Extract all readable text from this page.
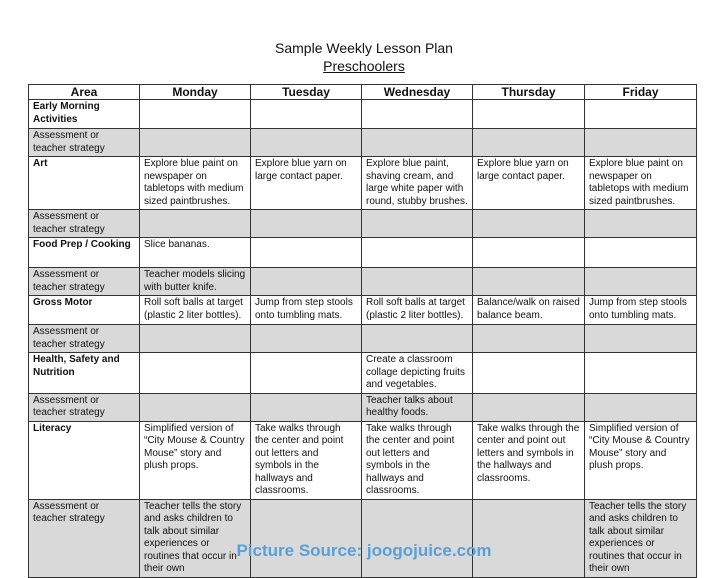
Sample Weekly Lesson Plan
Preschoolers
Area	Monday	Tuesday	Wednesday	Thursday	Friday
Early Morning Activities					
Assessment or teacher strategy					
Art	Explore blue paint on newspaper on tabletops with medium sized paintbrushes.	Explore blue yarn on large contact paper.	Explore blue paint, shaving cream, and large white paper with round, stubby brushes.	Explore blue yarn on large contact paper.	Explore blue paint on newspaper on tabletops with medium sized paintbrushes.
Assessment or teacher strategy					
Food Prep / Cooking	Slice bananas.				
Assessment or teacher strategy	Teacher models slicing with butter knife.				
Gross Motor	Roll soft balls at target (plastic 2 liter bottles).	Jump from step stools onto tumbling mats.	Roll soft balls at target (plastic 2 liter bottles).	Balance/walk on raised balance beam.	Jump from step stools onto tumbling mats.
Assessment or teacher strategy					
Health, Safety and Nutrition			Create a classroom collage depicting fruits and vegetables.		
Assessment or teacher strategy			Teacher talks about healthy foods.		
Literacy	Simplified version of “City Mouse & Country Mouse” story and plush props.	Take walks through the center and point out letters and symbols in the hallways and classrooms.	Take walks through the center and point out letters and symbols in the hallways and classrooms.	Take walks through the center and point out letters and symbols in the hallways and classrooms.	Simplified version of “City Mouse & Country Mouse” story and plush props.
Assessment or teacher strategy	Teacher tells the story and asks children to talk about similar experiences or routines that occur in their own				Teacher tells the story and asks children to talk about similar experiences or routines that occur in their own
Picture Source: joogojuice.com
